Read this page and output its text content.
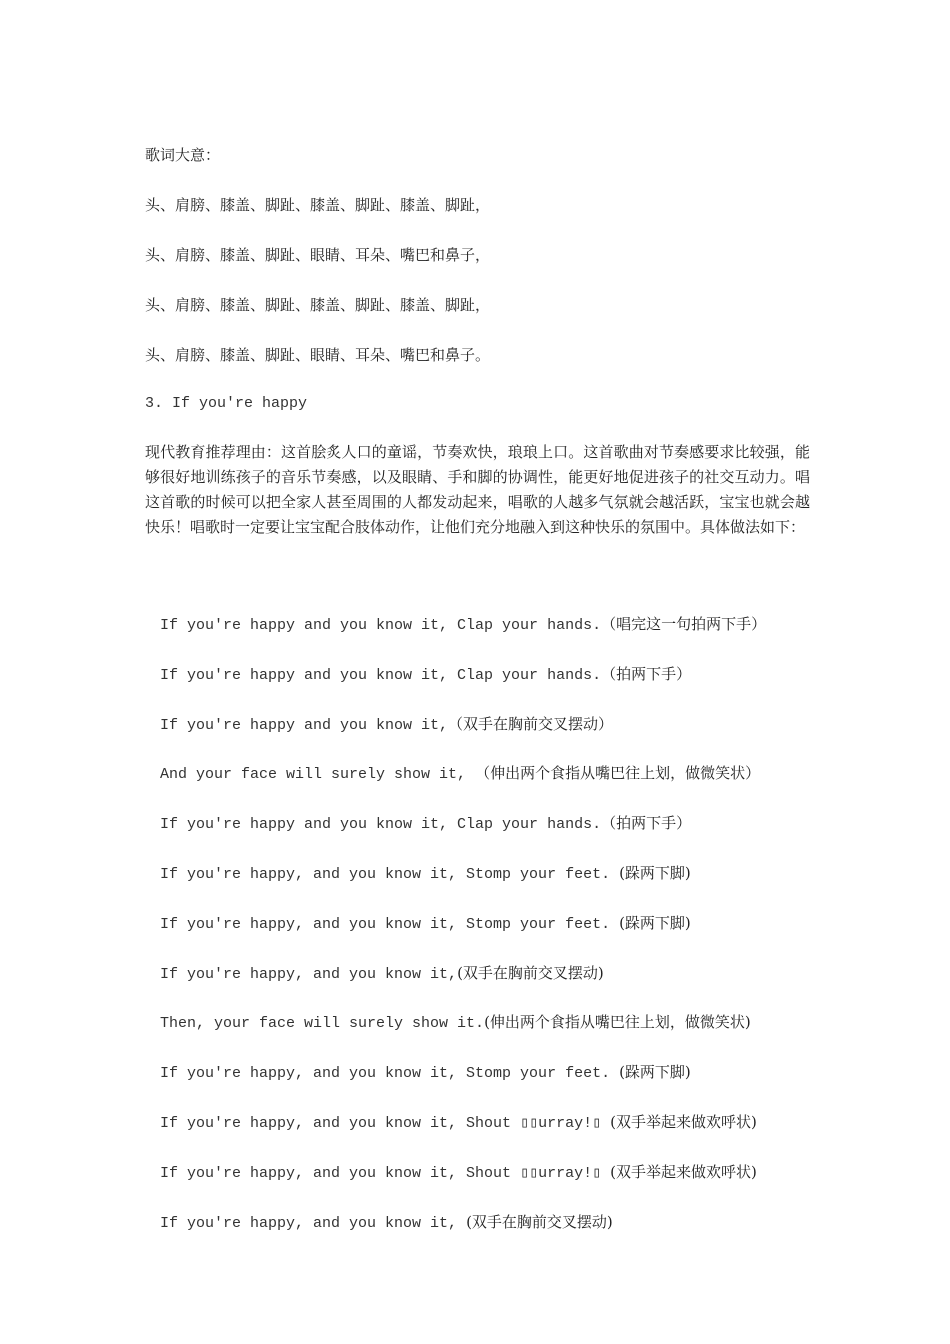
歌词大意：
头、肩膀、膝盖、脚趾、膝盖、脚趾、膝盖、脚趾，
头、肩膀、膝盖、脚趾、眼睛、耳朵、嘴巴和鼻子，
头、肩膀、膝盖、脚趾、膝盖、脚趾、膝盖、脚趾，
头、肩膀、膝盖、脚趾、眼睛、耳朵、嘴巴和鼻子。
3. If you're happy
现代教育推荐理由：这首脍炙人口的童谣，节奏欢快，琅琅上口。这首歌曲对节奏感要求比较强，能够很好地训练孩子的音乐节奏感，以及眼睛、手和脚的协调性，能更好地促进孩子的社交互动力。唱这首歌的时候可以把全家人甚至周围的人都发动起来，唱歌的人越多气氛就会越活跃，宝宝也就会越快乐！唱歌时一定要让宝宝配合肢体动作，让他们充分地融入到这种快乐的氛围中。具体做法如下：

If you're happy and you know it, Clap your hands.（唱完这一句拍两下手）

If you're happy and you know it, Clap your hands.（拍两下手）

If you're happy and you know it,（双手在胸前交叉摆动）

And your face will surely show it, （伸出两个食指从嘴巴往上划，做微笑状）

If you're happy and you know it, Clap your hands.（拍两下手）

If you're happy, and you know it, Stomp your feet. (跺两下脚)

If you're happy, and you know it, Stomp your feet. (跺两下脚)

If you're happy, and you know it,(双手在胸前交叉摆动)

Then, your face will surely show it.(伸出两个食指从嘴巴往上划，做微笑状)

If you're happy, and you know it, Stomp your feet. (跺两下脚)

If you're happy, and you know it, Shout ▯▯urray!▯ (双手举起来做欢呼状)

If you're happy, and you know it, Shout ▯▯urray!▯ (双手举起来做欢呼状)

If you're happy, and you know it, (双手在胸前交叉摆动)
